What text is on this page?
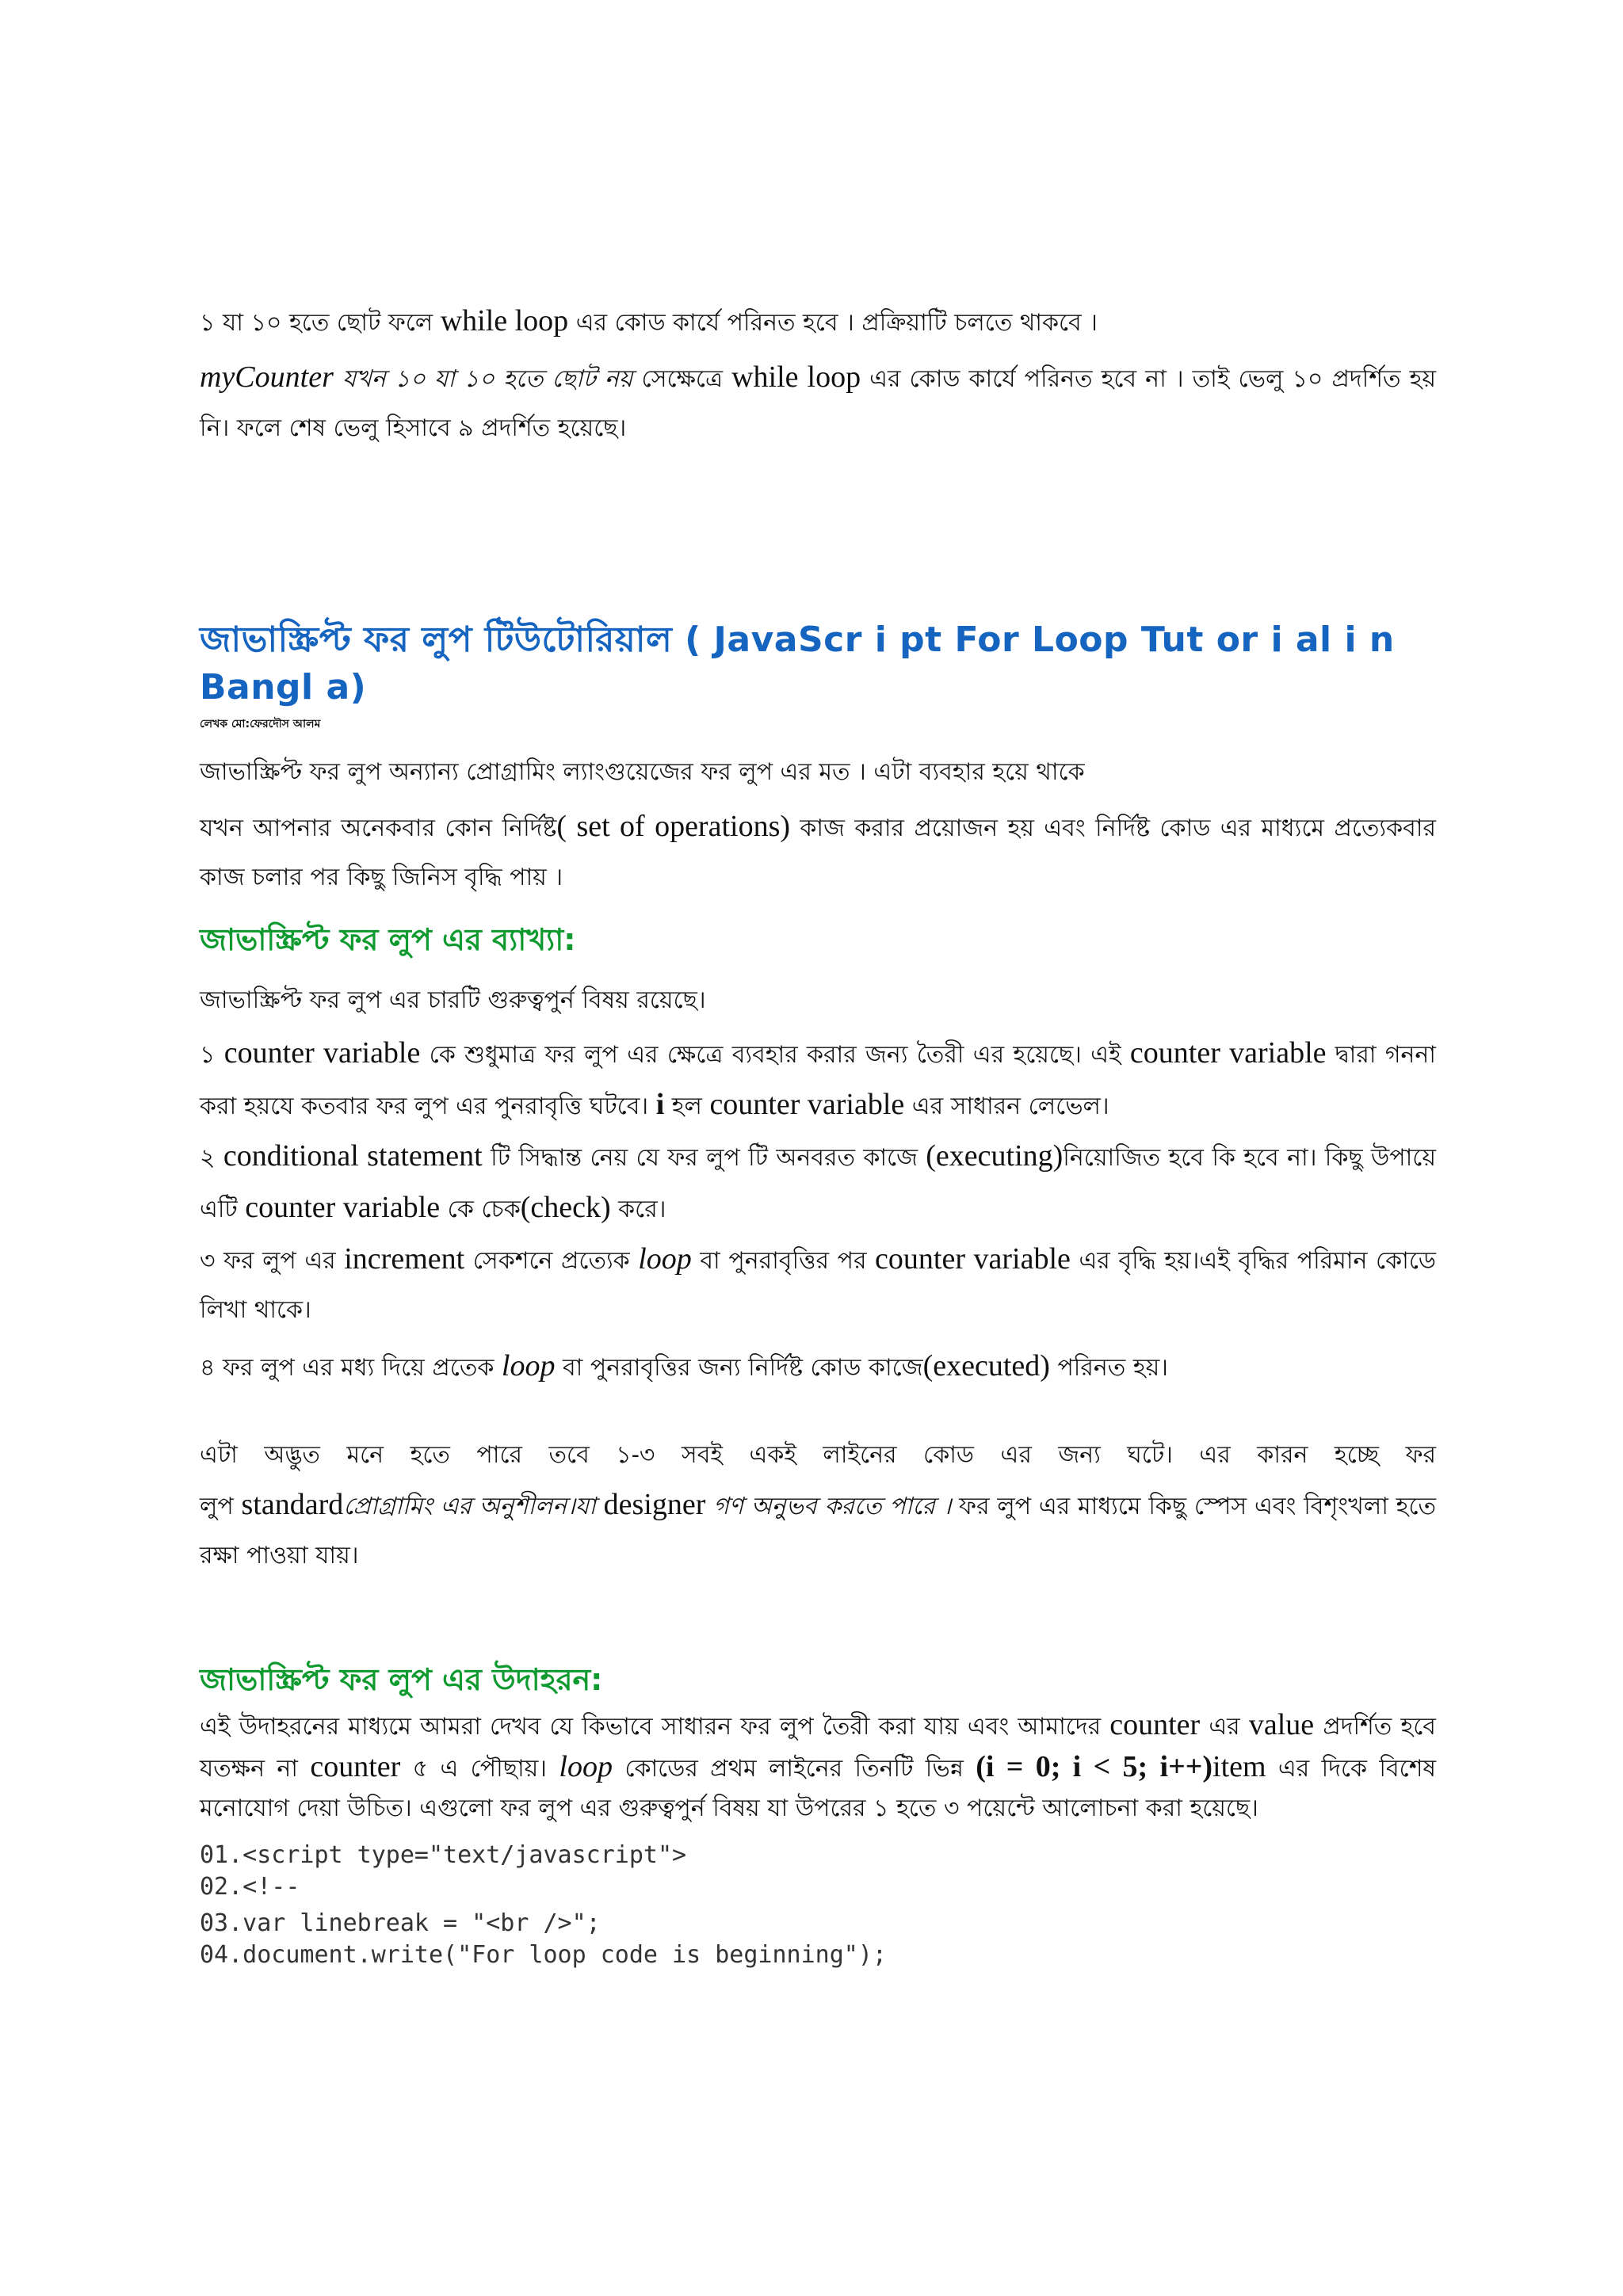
১ যা ১০ হতে ছোট ফলে while loop এর কোড কার্যে পরিনত হবে । প্রক্রিয়াটি চলতে থাকবে ।

myCounter যখন ১০ যা ১০ হতে ছোট নয় সেক্ষেত্রে while loop এর কোড কার্যে পরিনত হবে না । তাই ভেলু ১০ প্রদর্শিত হয় নি। ফলে শেষ ভেলু হিসাবে ৯ প্রদর্শিত হয়েছে।

জাভাস্ক্রিপ্ট ফর লুপ টিউটোরিয়াল ( JavaScr i pt For Loop Tut or i al i n Bangl a)

লেখক মো:ফেরদৌস আলম

জাভাস্ক্রিপ্ট ফর লুপ অন্যান্য প্রোগ্রামিং ল্যাংগুয়েজের ফর লুপ এর মত । এটা ব্যবহার হয়ে থাকে

যখন আপনার অনেকবার কোন নির্দিষ্ট( set of operations) কাজ করার প্রয়োজন হয় এবং নির্দিষ্ট কোড এর মাধ্যমে প্রত্যেকবার কাজ চলার পর কিছু জিনিস বৃদ্ধি পায় ।

জাভাস্ক্রিপ্ট ফর লুপ এর ব্যাখ্যা:

জাভাস্ক্রিপ্ট ফর লুপ এর চারটি গুরুত্বপুর্ন বিষয় রয়েছে।

১ counter variable কে শুধুমাত্র ফর লুপ এর ক্ষেত্রে ব্যবহার করার জন্য তৈরী এর হয়েছে। এই counter variable দ্বারা গননা করা হয়যে কতবার ফর লুপ এর পুনরাবৃত্তি ঘটবে। i হল counter variable এর সাধারন লেভেল।

২ conditional statement টি সিদ্ধান্ত নেয় যে ফর লুপ টি অনবরত কাজে (executing)নিয়োজিত হবে কি হবে না। কিছু উপায়ে এটি counter variable কে চেক(check) করে।

৩ ফর লুপ এর increment সেকশনে প্রত্যেক loop বা পুনরাবৃত্তির পর counter variable এর বৃদ্ধি হয়।এই বৃদ্ধির পরিমান কোডে লিখা থাকে।

৪ ফর লুপ এর মধ্য দিয়ে প্রতেক loop বা পুনরাবৃত্তির জন্য নির্দিষ্ট কোড কাজে(executed) পরিনত হয়।

এটা অদ্ভুত মনে হতে পারে তবে ১-৩ সবই একই লাইনের কোড এর জন্য ঘটে। এর কারন হচ্ছে ফর

লুপ standardপ্রোগ্রামিং এর অনুশীলন।যা designer গণ অনুভব করতে পারে । ফর লুপ এর মাধ্যমে কিছু স্পেস এবং বিশৃংখলা হতে রক্ষা পাওয়া যায়।

জাভাস্ক্রিপ্ট ফর লুপ এর উদাহরন:

এই উদাহরনের মাধ্যমে আমরা দেখব যে কিভাবে সাধারন ফর লুপ তৈরী করা যায় এবং আমাদের counter এর value প্রদর্শিত হবে যতক্ষন না counter ৫ এ পৌছায়। loop কোডের প্রথম লাইনের তিনটি ভিন্ন (i = 0; i < 5; i++)item এর দিকে বিশেষ মনোযোগ দেয়া উচিত। এগুলো ফর লুপ এর গুরুত্বপুর্ন বিষয় যা উপরের ১ হতে ৩ পয়েন্টে আলোচনা করা হয়েছে।

01.<script type="text/javascript">

02.<!--

03.var linebreak = "<br />";

04.document.write("For loop code is beginning");
